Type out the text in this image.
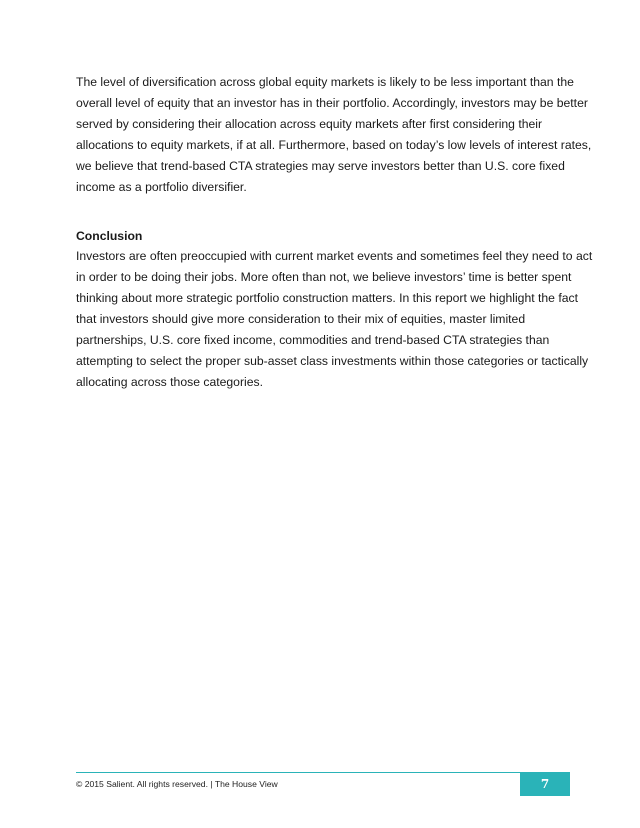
The level of diversification across global equity markets is likely to be less important than the
overall level of equity that an investor has in their portfolio. Accordingly, investors may be better
served by considering their allocation across equity markets after first considering their
allocations to equity markets, if at all. Furthermore, based on today’s low levels of interest rates,
we believe that trend-based CTA strategies may serve investors better than U.S. core fixed
income as a portfolio diversifier.

Conclusion

Investors are often preoccupied with current market events and sometimes feel they need to act
in order to be doing their jobs. More often than not, we believe investors’ time is better spent
thinking about more strategic portfolio construction matters. In this report we highlight the fact
that investors should give more consideration to their mix of equities, master limited
partnerships, U.S. core fixed income, commodities and trend-based CTA strategies than
attempting to select the proper sub-asset class investments within those categories or tactically
allocating across those categories.

© 2015 Salient. All rights reserved. | The House View	7
